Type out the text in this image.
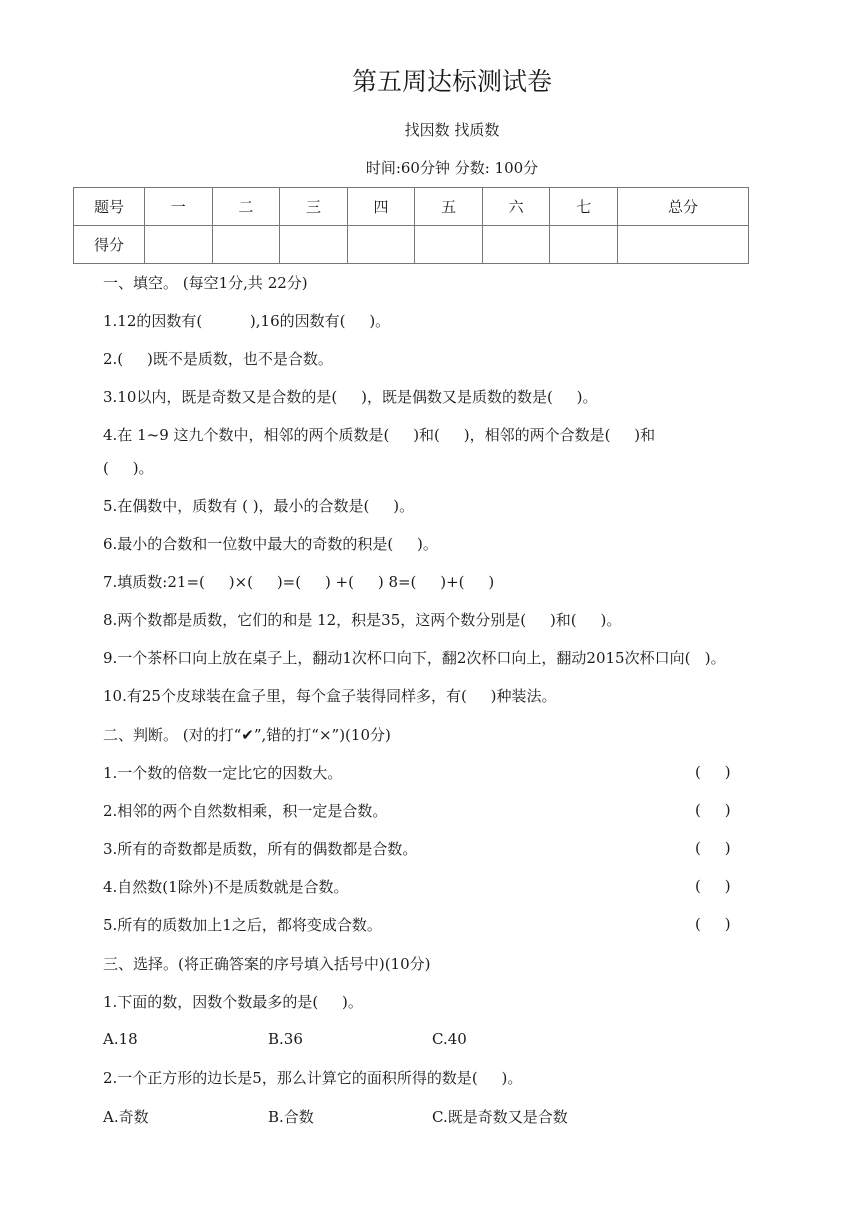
第五周达标测试卷
找因数 找质数
时间:60分钟 分数: 100分
题号	一	二	三	四	五	六	七	总分
得分								
一、填空。 (每空1分,共 22分)
1.12的因数有(          ),16的因数有(     )。
2.(     )既不是质数，也不是合数。
3.10以内，既是奇数又是合数的是(     )，既是偶数又是质数的数是(     )。
4.在 1~9 这九个数中，相邻的两个质数是(     )和(     )，相邻的两个合数是(     )和
(     )。
5.在偶数中，质数有 ( )，最小的合数是(     )。
6.最小的合数和一位数中最大的奇数的积是(     )。
7.填质数:21=(     )×(     )=(     ) +(     ) 8=(     )+(     )
8.两个数都是质数，它们的和是 12，积是35，这两个数分别是(     )和(     )。
9.一个茶杯口向上放在桌子上，翻动1次杯口向下，翻2次杯口向上，翻动2015次杯口向(   )。
10.有25个皮球装在盒子里，每个盒子装得同样多，有(     )种装法。
二、判断。 (对的打“✔”,错的打“×”)(10分)
1.一个数的倍数一定比它的因数大。	(     )
2.相邻的两个自然数相乘，积一定是合数。	(     )
3.所有的奇数都是质数，所有的偶数都是合数。	(     )
4.自然数(1除外)不是质数就是合数。	(     )
5.所有的质数加上1之后，都将变成合数。	(     )
三、选择。(将正确答案的序号填入括号中)(10分)
1.下面的数，因数个数最多的是(     )。
A.18	B.36	C.40
2.一个正方形的边长是5，那么计算它的面积所得的数是(     )。
A.奇数	B.合数	C.既是奇数又是合数
